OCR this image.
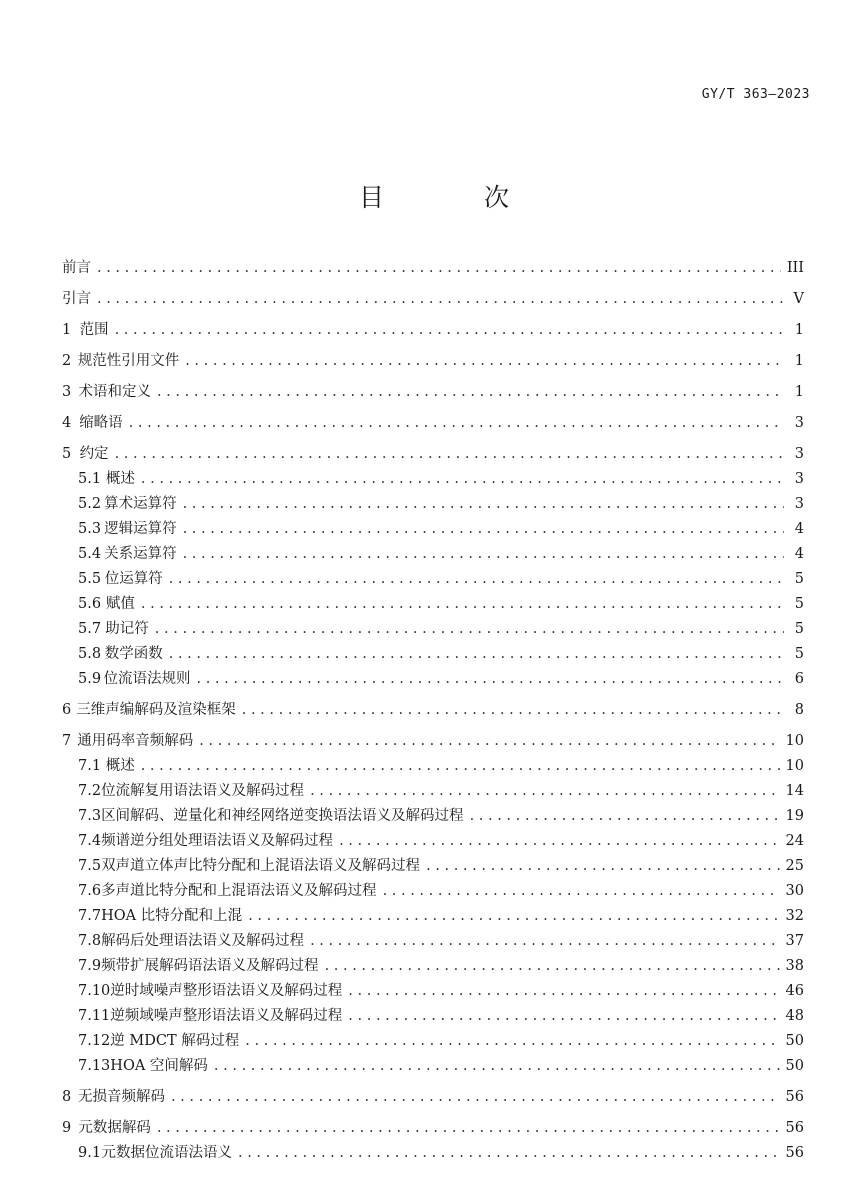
GY/T 363—2023
目 次
前言 . . .	III
引言 . . .	V
1 范围 . . .	1
2 规范性引用文件 . . .	1
3 术语和定义 . . .	1
4 缩略语 . . .	3
5 约定 . . .	3
5.1 概述 . . .	3
5.2 算术运算符 . . .	3
5.3 逻辑运算符 . . .	4
5.4 关系运算符 . . .	4
5.5 位运算符 . . .	5
5.6 赋值 . . .	5
5.7 助记符 . . .	5
5.8 数学函数 . . .	5
5.9 位流语法规则 . . .	6
6 三维声编解码及渲染框架 . . .	8
7 通用码率音频解码 . . .	10
7.1 概述 . . .	10
7.2 位流解复用语法语义及解码过程 . . .	14
7.3 区间解码、逆量化和神经网络逆变换语法语义及解码过程 . . .	19
7.4 频谱逆分组处理语法语义及解码过程 . . .	24
7.5 双声道立体声比特分配和上混语法语义及解码过程 . . .	25
7.6 多声道比特分配和上混语法语义及解码过程 . . .	30
7.7 HOA 比特分配和上混 . . .	32
7.8 解码后处理语法语义及解码过程 . . .	37
7.9 频带扩展解码语法语义及解码过程 . . .	38
7.10 逆时域噪声整形语法语义及解码过程 . . .	46
7.11 逆频域噪声整形语法语义及解码过程 . . .	48
7.12 逆 MDCT 解码过程 . . .	50
7.13 HOA 空间解码 . . .	50
8 无损音频解码 . . .	56
9 元数据解码 . . .	56
9.1 元数据位流语法语义 . . .	56
